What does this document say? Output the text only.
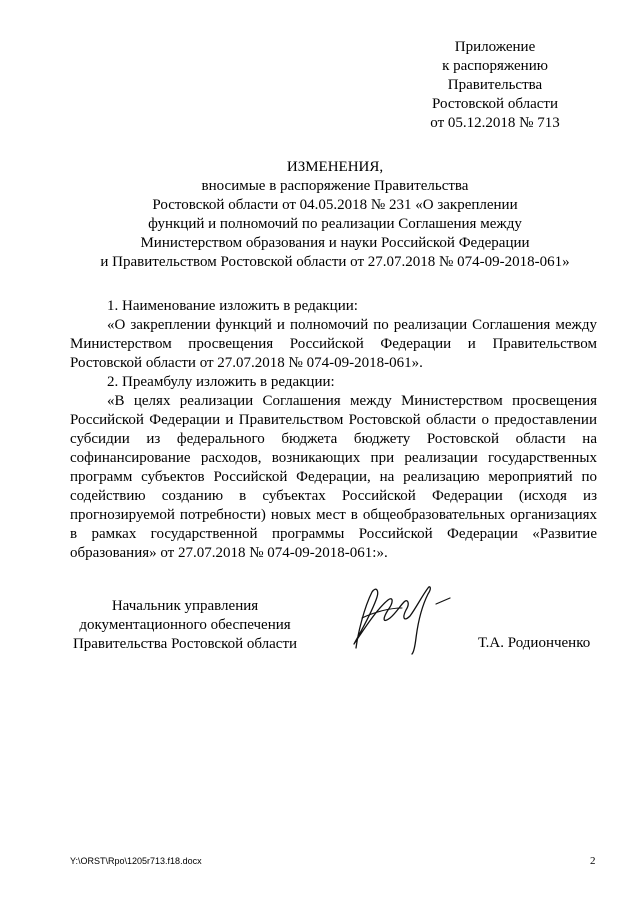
Приложение
к распоряжению
Правительства
Ростовской области
от 05.12.2018 № 713
ИЗМЕНЕНИЯ,
вносимые в распоряжение Правительства
Ростовской области от 04.05.2018 № 231 «О закреплении
функций и полномочий по реализации Соглашения между
Министерством образования и науки Российской Федерации
и Правительством Ростовской области от 27.07.2018 № 074-09-2018-061»

1. Наименование изложить в редакции:

«О закреплении функций и полномочий по реализации Соглашения между Министерством просвещения Российской Федерации и Правительством Ростовской области от 27.07.2018 № 074-09-2018-061».

2. Преамбулу изложить в редакции:

«В целях реализации Соглашения между Министерством просвещения Российской Федерации и Правительством Ростовской области о предоставлении субсидии из федерального бюджета бюджету Ростовской области на софинансирование расходов, возникающих при реализации государственных программ субъектов Российской Федерации, на реализацию мероприятий по содействию созданию в субъектах Российской Федерации (исходя из прогнозируемой потребности) новых мест в общеобразовательных организациях в рамках государственной программы Российской Федерации «Развитие образования» от 27.07.2018 № 074-09-2018-061:».

Начальник управления
документационного обеспечения
Правительства Ростовской области	Т.А. Родионченко
Y:\ORST\Rpo\1205r713.f18.docx	2
